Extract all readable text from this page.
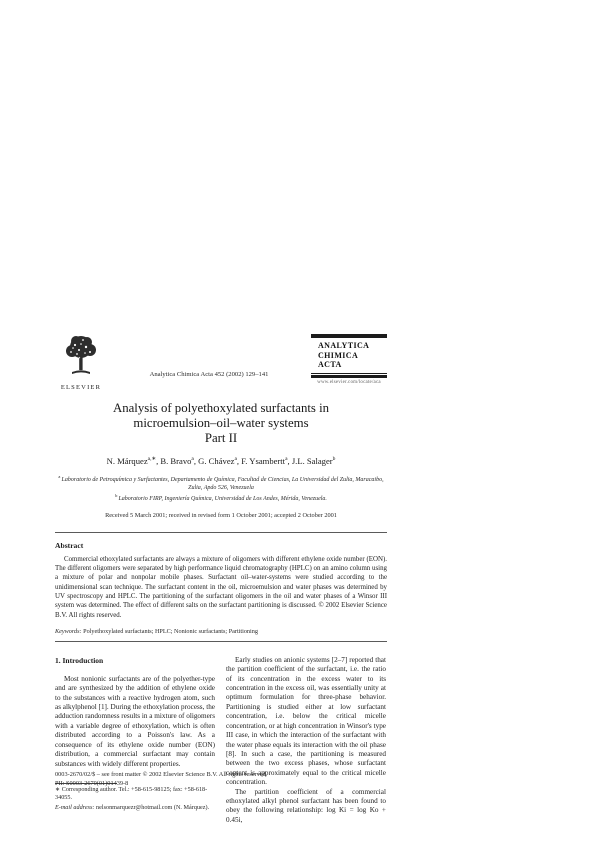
ELSEVIER
Analytica Chimica Acta 452 (2002) 129–141
ANALYTICA
CHIMICA
ACTA
www.elsevier.com/locate/aca
Analysis of polyethoxylated surfactants in
microemulsion–oil–water systems
Part II
N. Márquez$^{a,∗}$, B. Bravo$^a$, G. Chávez$^a$, F. Ysambertt$^a$, J.L. Salager$^b$
$^a$ Laboratorio de Petroquímica y Surfactantes, Departamento de Química, Facultad de Ciencias, La Universidad del Zulia, Maracaibo, Zulia, Apdo 526, Venezuela
$^b$ Laboratorio FIRP, Ingeniería Química, Universidad de Los Andes, Mérida, Venezuela.
Received 5 March 2001; received in revised form 1 October 2001; accepted 2 October 2001
Abstract
Commercial ethoxylated surfactants are always a mixture of oligomers with different ethylene oxide number (EON). The different oligomers were separated by high performance liquid chromatography (HPLC) on an amino column using a mixture of polar and nonpolar mobile phases. Surfactant oil–water-systems were studied according to the unidimensional scan technique. The surfactant content in the oil, microemulsion and water phases was determined by UV spectroscopy and HPLC. The partitioning of the surfactant oligomers in the oil and water phases of a Winsor III system was determined. The effect of different salts on the surfactant partitioning is discussed. © 2002 Elsevier Science B.V. All rights reserved.
Keywords: Polyethoxylated surfactants; HPLC; Nonionic surfactants; Partitioning
1. Introduction

Most nonionic surfactants are of the polyether-type and are synthesized by the addition of ethylene oxide to the substances with a reactive hydrogen atom, such as alkylphenol [1]. During the ethoxylation process, the adduction randomness results in a mixture of oligomers with a variable degree of ethoxylation, which is often distributed according to a Poisson's law. As a consequence of its ethylene oxide number (EON) distribution, a commercial surfactant may contain substances with widely different properties.

∗ Corresponding author. Tel.: +58-615-98125; fax: +58-618-34055.
E-mail address: nelsonmarquezr@hotmail.com (N. Márquez).

Early studies on anionic systems [2–7] reported that the partition coefficient of the surfactant, i.e. the ratio of its concentration in the excess water to its concentration in the excess oil, was essentially unity at optimum formulation for three-phase behavior. Partitioning is studied either at low surfactant concentration, i.e. below the critical micelle concentration, or at high concentration in Winsor's type III case, in which the interaction of the surfactant with the water phase equals its interaction with the oil phase [8]. In such a case, the partitioning is measured between the two excess phases, whose surfactant content is approximately equal to the critical micelle concentration.

The partition coefficient of a commercial ethoxylated alkyl phenol surfactant has been found to obey the following relationship: log Ki = log Ko + 0.45i,

0003-2670/02/$ – see front matter © 2002 Elsevier Science B.V. All rights reserved.
PII: S0003-2670(01)01439-8
